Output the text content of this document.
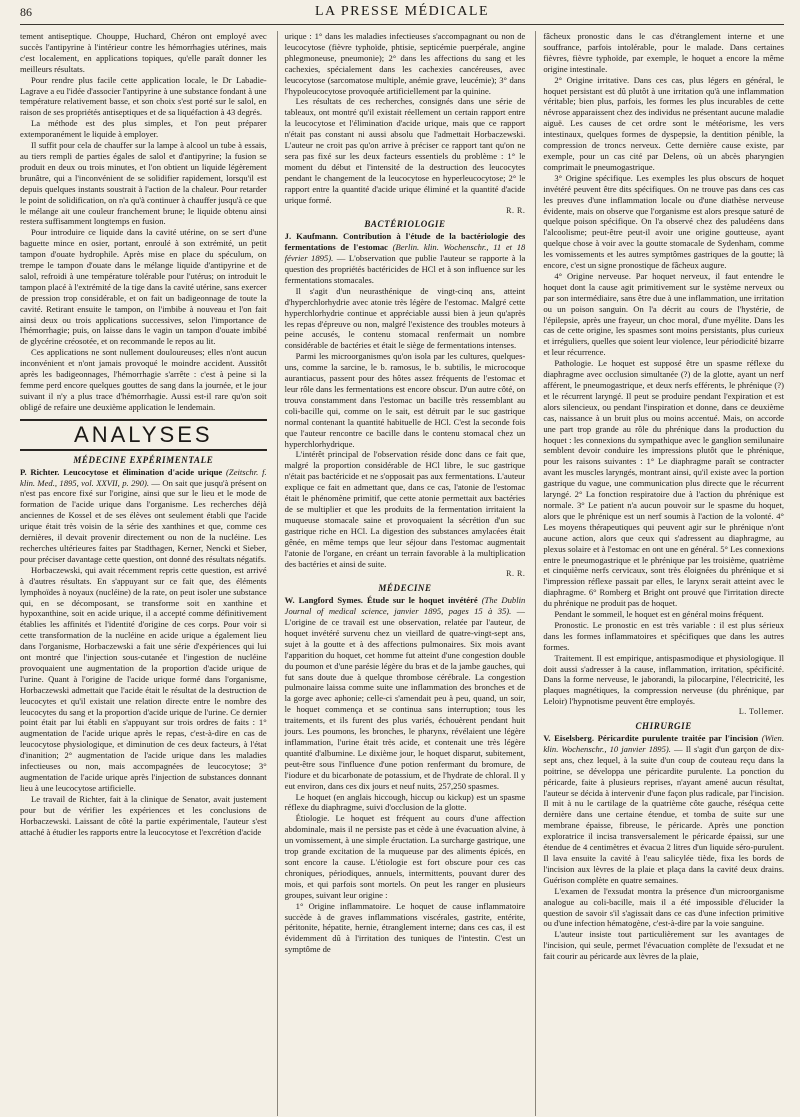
86	LA PRESSE MÉDICALE

tement antiseptique. Chouppe, Huchard, Chéron ont employé avec succès l'antipyrine à l'intérieur contre les hémorrhagies utérines, mais c'est localement, en applications topiques, qu'elle paraît donner les meilleurs résultats.

Pour rendre plus facile cette application locale, le Dr Labadie-Lagrave a eu l'idée d'associer l'antipyrine à une substance fondant à une température relativement basse, et son choix s'est porté sur le salol, en raison de ses propriétés antiseptiques et de sa liquéfaction à 43 degrés.

La méthode est des plus simples, et l'on peut préparer extemporanément le liquide à employer.

Il suffit pour cela de chauffer sur la lampe à alcool un tube à essais, au tiers rempli de parties égales de salol et d'antipyrine; la fusion se produit en deux ou trois minutes, et l'on obtient un liquide légèrement brunâtre, qui a l'inconvénient de se solidifier rapidement, lorsqu'il est depuis quelques instants soustrait à l'action de la chaleur. Pour retarder le point de solidification, on n'a qu'à continuer à chauffer jusqu'à ce que le mélange ait une couleur franchement brune; le liquide obtenu ainsi restera suffisamment longtemps en fusion.

Pour introduire ce liquide dans la cavité utérine, on se sert d'une baguette mince en osier, portant, enroulé à son extrémité, un petit tampon d'ouate hydrophile. Après mise en place du spéculum, on trempe le tampon d'ouate dans le mélange liquide d'antipyrine et de salol, refroidi à une température tolérable pour l'utérus; on introduit le tampon placé à l'extrémité de la tige dans la cavité utérine, sans exercer de pression trop considérable, et on fait un badigeonnage de toute la cavité. Retirant ensuite le tampon, on l'imbibe à nouveau et l'on fait ainsi deux ou trois applications successives, selon l'importance de l'hémorrhagie; puis, on laisse dans le vagin un tampon d'ouate imbibé de glycérine créosotée, et on recommande le repos au lit.

Ces applications ne sont nullement douloureuses; elles n'ont aucun inconvénient et n'ont jamais provoqué le moindre accident. Aussitôt après les badigeonnages, l'hémorrhagie s'arrête : c'est à peine si la femme perd encore quelques gouttes de sang dans la journée, et le jour suivant il n'y a plus trace d'hémorrhagie. Aussi est-il rare qu'on soit obligé de refaire une deuxième application le lendemain.

ANALYSES
MÉDECINE EXPÉRIMENTALE

P. Richter. Leucocytose et élimination d'acide urique (Zeitschr. f. klin. Med., 1895, vol. XXVII, p. 290). — On sait que jusqu'à présent on n'est pas encore fixé sur l'origine, ainsi que sur le lieu et le mode de formation de l'acide urique dans l'organisme. Les recherches déjà anciennes de Kossel et de ses élèves ont seulement établi que l'acide urique était très voisin de la série des xanthines et que, comme ces dernières, il devait provenir directement ou non de la nucléine. Les recherches ultérieures faites par Stadthagen, Kerner, Nencki et Sieber, pour préciser davantage cette question, ont donné des résultats négatifs.

Horbaczewski, qui avait récemment repris cette question, est arrivé à d'autres résultats. En s'appuyant sur ce fait que, des éléments lymphoïdes à noyaux (nucléine) de la rate, on peut isoler une substance qui, en se décomposant, se transforme soit en xanthine et hypoxanthine, soit en acide urique, il a accepté comme définitivement établies les affinités et l'identité d'origine de ces corps. Pour voir si cette transformation de la nucléine en acide urique a également lieu dans l'organisme, Horbaczewski a fait une série d'expériences qui lui ont montré que l'injection sous-cutanée et l'ingestion de nucléine provoquaient une augmentation de la proportion d'acide urique de l'urine. Quant à l'origine de l'acide urique formé dans l'organisme, Horbaczewski admettait que l'acide était le résultat de la destruction de leucocytes et qu'il existait une relation directe entre le nombre des leucocytes du sang et la proportion d'acide urique de l'urine. Ce dernier point était par lui établi en s'appuyant sur trois ordres de faits : 1° augmentation de l'acide urique après le repas, c'est-à-dire en cas de leucocytose physiologique, et diminution de ces deux facteurs, à l'état d'inanition; 2° augmentation de l'acide urique dans les maladies infectieuses ou non, mais accompagnées de leucocytose; 3° augmentation de l'acide urique après l'injection de substances donnant lieu à une leucocytose artificielle.

Le travail de Richter, fait à la clinique de Senator, avait justement pour but de vérifier les expériences et les conclusions de Horbaczewski. Laissant de côté la partie expérimentale, l'auteur s'est attaché à étudier les rapports entre la leucocytose et l'excrétion d'acide

urique : 1° dans les maladies infectieuses s'accompagnant ou non de leucocytose (fièvre typhoïde, phtisie, septicémie puerpérale, angine phlegmoneuse, pneumonie); 2° dans les affections du sang et les cachexies, spécialement dans les cachexies cancéreuses, avec leucocytose (sarcomatose multiple, anémie grave, leucémie); 3° dans l'hypoleucocytose provoquée artificiellement par la quinine.

Les résultats de ces recherches, consignés dans une série de tableaux, ont montré qu'il existait réellement un certain rapport entre la leucocytose et l'élimination d'acide urique, mais que ce rapport n'était pas constant ni aussi absolu que l'admettait Horbaczewski. L'auteur ne croit pas qu'on arrive à préciser ce rapport tant qu'on ne sera pas fixé sur les deux facteurs essentiels du problème : 1° le moment du début et l'intensité de la destruction des leucocytes pendant le changement de la leucocytose en hyperleucocytose; 2° le rapport entre la quantité d'acide urique éliminé et la quantité d'acide urique formé.

R. R.

BACTÉRIOLOGIE

J. Kaufmann. Contribution à l'étude de la bactériologie des fermentations de l'estomac (Berlin. klin. Wochenschr., 11 et 18 février 1895). — L'observation que publie l'auteur se rapporte à la question des propriétés bactéricides de HCl et à son influence sur les fermentations stomacales.

Il s'agit d'un neurasthénique de vingt-cinq ans, atteint d'hyperchlorhydrie avec atonie très légère de l'estomac. Malgré cette hyperchlorhydrie continue et appréciable aussi bien à jeun qu'après les repas d'épreuve ou non, malgré l'existence des troubles moteurs à peine accusés, le contenu stomacal renfermait un nombre considérable de bactéries et était le siège de fermentations intenses.

Parmi les microorganismes qu'on isola par les cultures, quelques-uns, comme la sarcine, le b. ramosus, le b. subtilis, le microcoque aurantiacus, passent pour des hôtes assez fréquents de l'estomac et leur rôle dans les fermentations est encore obscur. D'un autre côté, on trouva constamment dans l'estomac un bacille très ressemblant au coli-bacille qui, comme on le sait, est détruit par le suc gastrique normal contenant la quantité habituelle de HCl. C'est la seconde fois que l'auteur rencontre ce bacille dans le contenu stomacal chez un hyperchlorhydrique.

L'intérêt principal de l'observation réside donc dans ce fait que, malgré la proportion considérable de HCl libre, le suc gastrique n'était pas bactéricide et ne s'opposait pas aux fermentations. L'auteur explique ce fait en admettant que, dans ce cas, l'atonie de l'estomac était le phénomène primitif, que cette atonie permettait aux bactéries de se multiplier et que les produits de la fermentation irritaient la muqueuse stomacale saine et provoquaient la sécrétion d'un suc gastrique riche en HCl. La digestion des substances amylacées était gênée, en même temps que leur séjour dans l'estomac augmentait l'atonie de l'organe, en créant un terrain favorable à la multiplication des bactéries et ainsi de suite.

R. R.

MÉDECINE

W. Langford Symes. Étude sur le hoquet invétéré (The Dublin Journal of medical science, janvier 1895, pages 15 à 35). — L'origine de ce travail est une observation, relatée par l'auteur, de hoquet invétéré survenu chez un vieillard de quatre-vingt-sept ans, sujet à la goutte et à des affections pulmonaires. Six mois avant l'apparition du hoquet, cet homme fut atteint d'une congestion double du poumon et d'une parésie légère du bras et de la jambe gauches, qui fut sans doute due à quelque thrombose cérébrale. La congestion pulmonaire laissa comme suite une inflammation des bronches et de la gorge avec aphonie; celle-ci s'amendait peu à peu, quand, un soir, le hoquet commença et se continua sans interruption; tous les traitements, et ils furent des plus variés, échouèrent pendant huit jours. Les poumons, les bronches, le pharynx, révélaient une légère inflammation, l'urine était très acide, et contenait une très légère quantité d'albumine. Le dixième jour, le hoquet disparut, subitement, peut-être sous l'influence d'une potion renfermant du bromure, de l'iodure et du bicarbonate de potassium, et de l'hydrate de chloral. Il y eut environ, dans ces dix jours et neuf nuits, 257,250 spasmes.

Le hoquet (en anglais hiccough, hiccup ou kickup) est un spasme réflexe du diaphragme, suivi d'occlusion de la glotte.

Étiologie. Le hoquet est fréquent au cours d'une affection abdominale, mais il ne persiste pas et cède à une évacuation alvine, à un vomissement, à une simple éructation. La surcharge gastrique, une trop grande excitation de la muqueuse par des aliments épicés, en sont encore la cause. L'étiologie est fort obscure pour ces cas chroniques, périodiques, annuels, intermittents, pouvant durer des mois, et qui parfois sont mortels. On peut les ranger en plusieurs groupes, suivant leur origine :

1° Origine inflammatoire. Le hoquet de cause inflammatoire succède à de graves inflammations viscérales, gastrite, entérite, péritonite, hépatite, hernie, étranglement interne; dans ces cas, il est évidemment dû à l'irritation des tuniques de l'intestin. C'est un symptôme de

fâcheux pronostic dans le cas d'étranglement interne et une souffrance, parfois intolérable, pour le malade. Dans certaines fièvres, fièvre typhoïde, par exemple, le hoquet a encore la même origine intestinale.

2° Origine irritative. Dans ces cas, plus légers en général, le hoquet persistant est dû plutôt à une irritation qu'à une inflammation véritable; bien plus, parfois, les formes les plus incurables de cette névrose apparaissent chez des individus ne présentant aucune maladie aiguë. Les causes de cet ordre sont le météorisme, les vers intestinaux, quelques formes de dyspepsie, la dentition pénible, la compression de troncs nerveux. Cette dernière cause existe, par exemple, pour un cas cité par Delens, où un abcès pharyngien comprimait le pneumogastrique.

3° Origine spécifique. Les exemples les plus obscurs de hoquet invétéré peuvent être dits spécifiques. On ne trouve pas dans ces cas les preuves d'une inflammation locale ou d'une diathèse nerveuse évidente, mais on observe que l'organisme est alors presque saturé de quelque poison spécifique. On l'a observé chez des paludéens dans l'alcoolisme; peut-être peut-il avoir une origine goutteuse, ayant quelque chose à voir avec la goutte stomacale de Sydenham, comme les vomissements et les autres symptômes gastriques de la goutte; là encore, c'est un signe pronostique de fâcheux augure.

4° Origine nerveuse. Par hoquet nerveux, il faut entendre le hoquet dont la cause agit primitivement sur le système nerveux ou par son intermédiaire, sans être due à une inflammation, une irritation ou un poison sanguin. On l'a décrit au cours de l'hystérie, de l'épilepsie, après une frayeur, un choc moral, d'une myélite. Dans les cas de cette origine, les spasmes sont moins persistants, plus curieux et irréguliers, quelles que soient leur violence, leur périodicité bizarre et leur récurrence.

Pathologie. Le hoquet est supposé être un spasme réflexe du diaphragme avec occlusion simultanée (?) de la glotte, ayant un nerf afférent, le pneumogastrique, et deux nerfs efférents, le phrénique (?) et le récurrent laryngé. Il peut se produire pendant l'expiration et est alors silencieux, ou pendant l'inspiration et donne, dans ce deuxième cas, naissance à un bruit plus ou moins accentué. Mais, on accorde une part trop grande au rôle du phrénique dans la production du hoquet : les connexions du sympathique avec le ganglion semilunaire semblent devoir conduire les impressions plutôt que le phrénique, pour les raisons suivantes : 1° Le diaphragme paraît se contracter avant les muscles laryngés, montrant ainsi, qu'il existe avec la portion gastrique du vague, une communication plus directe que le récurrent laryngé. 2° La fonction respiratoire due à l'action du phrénique est normale. 3° Le patient n'a aucun pouvoir sur le spasme du hoquet, alors que le phrénique est un nerf soumis à l'action de la volonté. 4° Les moyens thérapeutiques qui peuvent agir sur le phrénique n'ont aucune action, alors que ceux qui s'adressent au diaphragme, au plexus solaire et à l'estomac en ont une en général. 5° Les connexions entre le pneumogastrique et le phrénique par les troisième, quatrième et cinquième nerfs cervicaux, sont très éloignées du phrénique et si l'impression réflexe passait par elles, le larynx serait atteint avec le diaphragme. 6° Romberg et Bright ont prouvé que l'irritation directe du phrénique ne produit pas de hoquet.

Pendant le sommeil, le hoquet est en général moins fréquent.

Pronostic. Le pronostic en est très variable : il est plus sérieux dans les formes inflammatoires et spécifiques que dans les autres formes.

Traitement. Il est empirique, antispasmodique et physiologique. Il doit aussi s'adresser à la cause, inflammation, irritation, spécificité. Dans la forme nerveuse, le jaborandi, la pilocarpine, l'électricité, les plaques magnétiques, la compression nerveuse (du phrénique, par Leloir) l'hypnotisme peuvent être employés.

L. Tollemer.

CHIRURGIE

V. Eiselsberg. Péricardite purulente traitée par l'incision (Wien. klin. Wochenschr., 10 janvier 1895). — Il s'agit d'un garçon de dix-sept ans, chez lequel, à la suite d'un coup de couteau reçu dans la poitrine, se développa une péricardite purulente. La ponction du péricarde, faite à plusieurs reprises, n'ayant amené aucun résultat, l'auteur se décida à intervenir d'une façon plus radicale, par l'incision. Il mit à nu le cartilage de la quatrième côte gauche, réséqua cette dernière dans une certaine étendue, et tomba de suite sur une membrane épaisse, fibreuse, le péricarde. Après une ponction exploratrice il incisa transversalement le péricarde épaissi, sur une étendue de 4 centimètres et évacua 2 litres d'un liquide séro-purulent. Il lava ensuite la cavité à l'eau salicylée tiède, fixa les bords de l'incision aux lèvres de la plaie et plaça dans la cavité deux drains. Guérison complète en quatre semaines.

L'examen de l'exsudat montra la présence d'un microorganisme analogue au coli-bacille, mais il a été impossible d'élucider la question de savoir s'il s'agissait dans ce cas d'une infection primitive ou d'une infection hématogène, c'est-à-dire par la voie sanguine.

L'auteur insiste tout particulièrement sur les avantages de l'incision, qui seule, permet l'évacuation complète de l'exsudat et ne fait courir au péricarde aux lèvres de la plaie,
